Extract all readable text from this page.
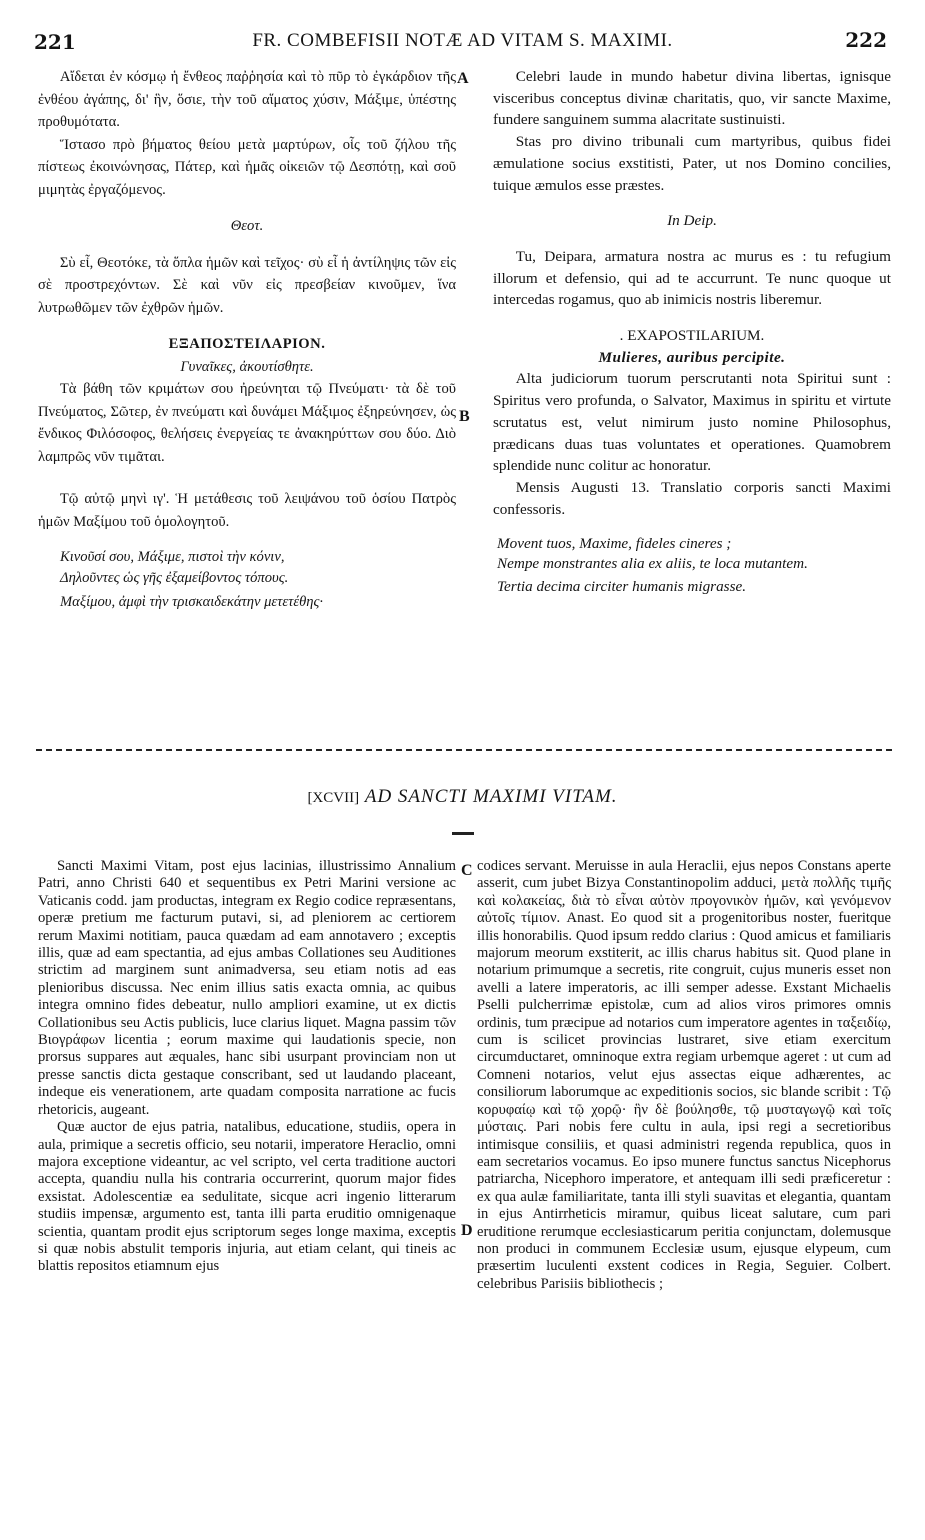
221	FR. COMBEFISII NOTÆ AD VITAM S. MAXIMI.	222
A
B
C
D

Αἴδεται ἐν κόσμῳ ἡ ἔνθεος παῤῥησία καὶ τὸ πῦρ τὸ ἐγκάρδιον τῆς ἐνθέου ἀγάπης, δι' ἣν, ὅσιε, τὴν τοῦ αἵματος χύσιν, Μάξιμε, ὑπέστης προθυμότατα.

Ἵστασο πρὸ βήματος θείου μετὰ μαρτύρων, οἷς τοῦ ζήλου τῆς πίστεως ἐκοινώνησας, Πάτερ, καὶ ἡμᾶς οἰκειῶν τῷ Δεσπότῃ, καὶ σοῦ μιμητὰς ἐργαζόμενος.

Θεοτ.

Σὺ εἶ, Θεοτόκε, τὰ ὅπλα ἡμῶν καὶ τεῖχος· σὺ εἶ ἡ ἀντίληψις τῶν εἰς σὲ προστρεχόντων. Σὲ καὶ νῦν εἰς πρεσβείαν κινοῦμεν, ἵνα λυτρωθῶμεν τῶν ἐχθρῶν ἡμῶν.

ΕΞΑΠΟΣΤΕΙΛΑΡΙΟΝ.

Γυναῖκες, ἀκουτίσθητε.

Τὰ βάθη τῶν κριμάτων σου ἠρεύνηται τῷ Πνεύματι· τὰ δὲ τοῦ Πνεύματος, Σῶτερ, ἐν πνεύματι καὶ δυνάμει Μάξιμος ἐξηρεύνησεν, ὡς ἔνδικος Φιλόσοφος, θελήσεις ἐνεργείας τε ἀνακηρύττων σου δύο. Διὸ λαμπρῶς νῦν τιμᾶται.

Τῷ αὐτῷ μηνὶ ιγ'. Ἡ μετάθεσις τοῦ λειψάνου τοῦ ὁσίου Πατρὸς ἡμῶν Μαξίμου τοῦ ὁμολογητοῦ.

Κινοῦσί σου, Μάξιμε, πιστοὶ τὴν κόνιν,

Δηλοῦντες ὡς γῆς ἐξαμείβοντος τόπους.

Μαξίμου, ἀμφὶ τὴν τρισκαιδεκάτην μετετέθης·

Celebri laude in mundo habetur divina libertas, ignisque visceribus conceptus divinæ charitatis, quo, vir sancte Maxime, fundere sanguinem summa alacritate sustinuisti.

Stas pro divino tribunali cum martyribus, quibus fidei æmulatione socius exstitisti, Pater, ut nos Domino concilies, tuique æmulos esse præstes.

In Deip.

Tu, Deipara, armatura nostra ac murus es : tu refugium illorum et defensio, qui ad te accurrunt. Te nunc quoque ut intercedas rogamus, quo ab inimicis nostris liberemur.

. EXAPOSTILARIUM.

Mulieres, auribus percipite.

Alta judiciorum tuorum perscrutanti nota Spiritui sunt : Spiritus vero profunda, o Salvator, Maximus in spiritu et virtute scrutatus est, velut nimirum justo nomine Philosophus, prædicans duas tuas voluntates et operationes. Quamobrem splendide nunc colitur ac honoratur.

Mensis Augusti 13. Translatio corporis sancti Maximi confessoris.

Movent tuos, Maxime, fideles cineres ;

Nempe monstrantes alia ex aliis, te loca mutantem.

Tertia decima circiter humanis migrasse.

[XCVII] AD SANCTI MAXIMI VITAM.

Sancti Maximi Vitam, post ejus lacinias, illustrissimo Annalium Patri, anno Christi 640 et sequentibus ex Petri Marini versione ac Vaticanis codd. jam productas, integram ex Regio codice repræsentans, operæ pretium me facturum putavi, si, ad pleniorem ac certiorem rerum Maximi notitiam, pauca quædam ad eam annotavero ; exceptis illis, quæ ad eam spectantia, ad ejus ambas Collationes seu Auditiones strictim ad marginem sunt animadversa, seu etiam notis ad eas plenioribus discussa. Nec enim illius satis exacta omnia, ac quibus integra omnino fides debeatur, nullo ampliori examine, ut ex dictis Collationibus seu Actis publicis, luce clarius liquet. Magna passim τῶν Βιογράφων licentia ; eorum maxime qui laudationis specie, non prorsus suppares aut æquales, hanc sibi usurpant provinciam non ut presse sanctis dicta gestaque conscribant, sed ut laudando placeant, indeque eis venerationem, arte quadam composita narratione ac fucis rhetoricis, augeant.

Quæ auctor de ejus patria, natalibus, educatione, studiis, opera in aula, primique a secretis officio, seu notarii, imperatore Heraclio, omni majora exceptione videantur, ac vel scripto, vel certa traditione auctori accepta, quandiu nulla his contraria occurrerint, quorum major fides exsistat. Adolescentiæ ea sedulitate, sicque acri ingenio litterarum studiis impensæ, argumento est, tanta illi parta eruditio omnigenaque scientia, quantam prodit ejus scriptorum seges longe maxima, exceptis si quæ nobis abstulit temporis injuria, aut etiam celant, qui tineis ac blattis repositos etiamnum ejus

codices servant. Meruisse in aula Heraclii, ejus nepos Constans aperte asserit, cum jubet Bizya Constantinopolim adduci, μετὰ πολλῆς τιμῆς καὶ κολακείας, διὰ τὸ εἶναι αὐτὸν προγονικὸν ἡμῶν, καὶ γενόμενον αὐτοῖς τίμιον. Anast. Eo quod sit a progenitoribus noster, fueritque illis honorabilis. Quod ipsum reddo clarius : Quod amicus et familiaris majorum meorum exstiterit, ac illis charus habitus sit. Quod plane in notarium primumque a secretis, rite congruit, cujus muneris esset non avelli a latere imperatoris, ac illi semper adesse. Exstant Michaelis Pselli pulcherrimæ epistolæ, cum ad alios viros primores omnis ordinis, tum præcipue ad notarios cum imperatore agentes in ταξειδίῳ, cum is scilicet provincias lustraret, sive etiam exercitum circumductaret, omninoque extra regiam urbemque ageret : ut cum ad Comneni notarios, velut ejus assectas eique adhærentes, ac consiliorum laborumque ac expeditionis socios, sic blande scribit : Τῷ κορυφαίῳ καὶ τῷ χορῷ· ἣν δὲ βούλησθε, τῷ μυσταγωγῷ καὶ τοῖς μύσταις. Pari nobis fere cultu in aula, ipsi regi a secretioribus intimisque consiliis, et quasi administri regenda republica, quos in eam secretarios vocamus. Eo ipso munere functus sanctus Nicephorus patriarcha, Nicephoro imperatore, et antequam illi sedi præficeretur : ex qua aulæ familiaritate, tanta illi styli suavitas et elegantia, quantam in ejus Antirrheticis miramur, quibus liceat salutare, cum pari eruditione rerumque ecclesiasticarum peritia conjunctam, dolemusque non produci in communem Ecclesiæ usum, ejusque elypeum, cum præsertim luculenti exstent codices in Regia, Seguier. Colbert. celebribus Parisiis bibliothecis ;
